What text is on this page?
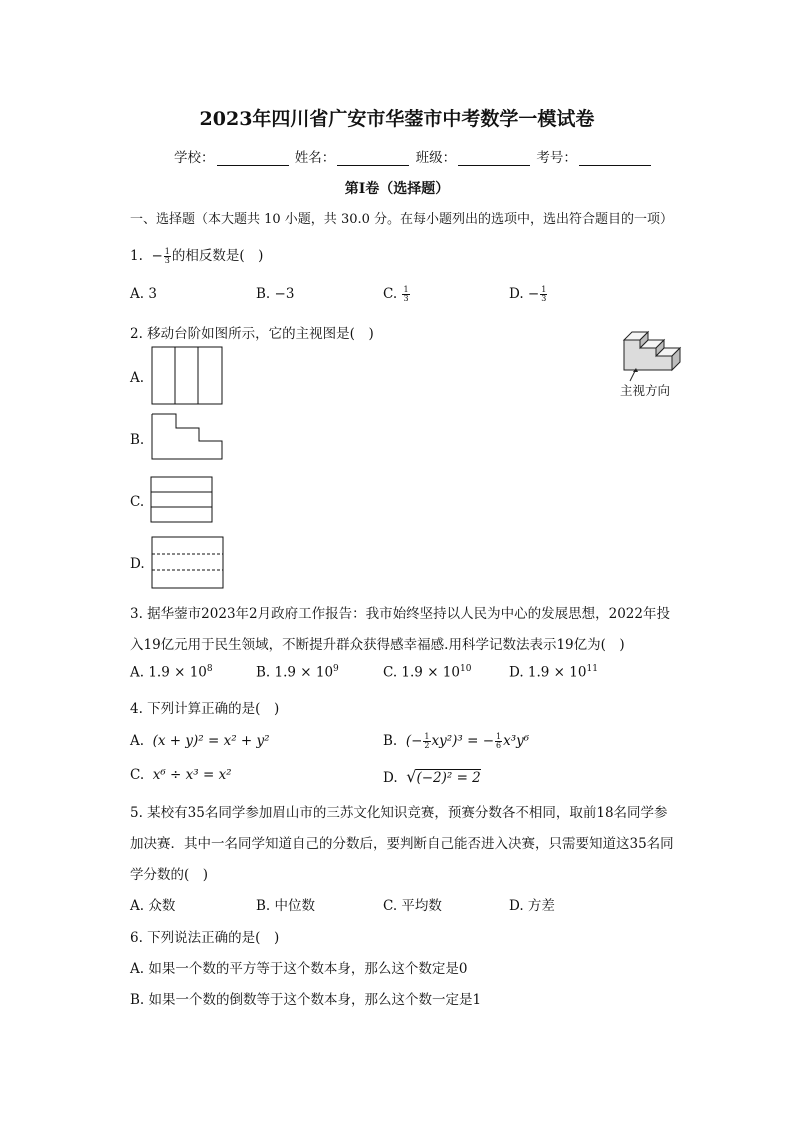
2023年四川省广安市华蓥市中考数学一模试卷
学校：	姓名：	班级：	考号：
第Ⅰ卷（选择题）
一、选择题（本大题共 10 小题，共 30.0 分。在每小题列出的选项中，选出符合题目的一项）
1. − $\frac{1}{3}$ 的相反数是(　)
A. 3	B. −3	C. $\frac{1}{3}$	D. − $\frac{1}{3}$
2. 移动台阶如图所示，它的主视图是(　)
主视方向
A.
B.
C.
D.
3. 据华蓥市2023年2月政府工作报告：我市始终坚持以人民为中心的发展思想，2022年投
入19亿元用于民生领域，不断提升群众获得感幸福感.用科学记数法表示19亿为(　)
A. $1.9 \times 10^8$	B. $1.9 \times 10^9$	C. $1.9 \times 10^{10}$	D. $1.9 \times 10^{11}$
4. 下列计算正确的是(　)
A. (x + y)² = x² + y²	B. (− $\frac{1}{2} xy^2)^3$ = − $\frac{1}{6} x^3y^6$
C. x⁶ ÷ x³ = x²	D. √(−2)² = 2
5. 某校有35名同学参加眉山市的三苏文化知识竞赛，预赛分数各不相同，取前18名同学参
加决赛．其中一名同学知道自己的分数后，要判断自己能否进入决赛，只需要知道这35名同
学分数的(　)
A. 众数	B. 中位数	C. 平均数	D. 方差
6. 下列说法正确的是(　)
A. 如果一个数的平方等于这个数本身，那么这个数定是0
B. 如果一个数的倒数等于这个数本身，那么这个数一定是1
